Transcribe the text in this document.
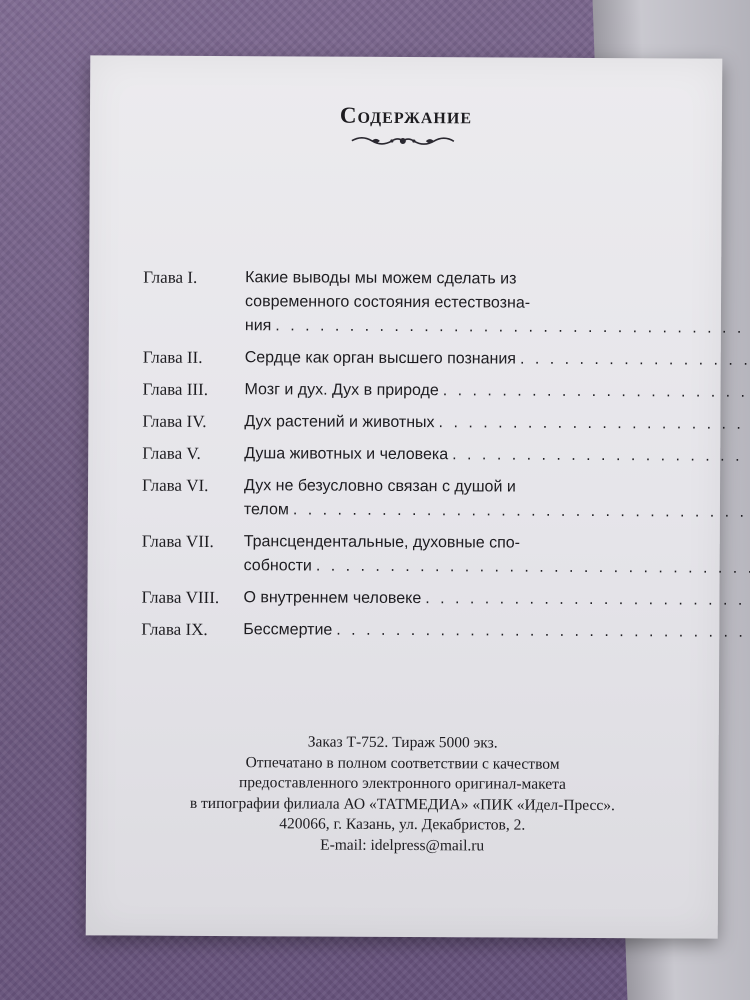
Содержание
Глава I.	Какие выводы мы можем сделать из
современного состояния естествозна-
ния
. . .
Глава II.	Сердце как орган высшего познания
. . .
Глава III.	Мозг и дух. Дух в природе
. . .
Глава IV.	Дух растений и животных
. . .
Глава V.	Душа животных и человека
. . .
Глава VI.	Дух не безусловно связан с душой и
телом
. . .
Глава VII.	Трансцендентальные, духовные спо-
собности
. . .
Глава VIII.	О внутреннем человеке
. . .
Глава IX.	Бессмертие
. . .
Заказ Т-752. Тираж 5000 экз.
Отпечатано в полном соответствии с качеством
предоставленного электронного оригинал-макета
в типографии филиала АО «ТАТМЕДИА» «ПИК «Идел-Пресс».
420066, г. Казань, ул. Декабристов, 2.
E-mail: idelpress@mail.ru
